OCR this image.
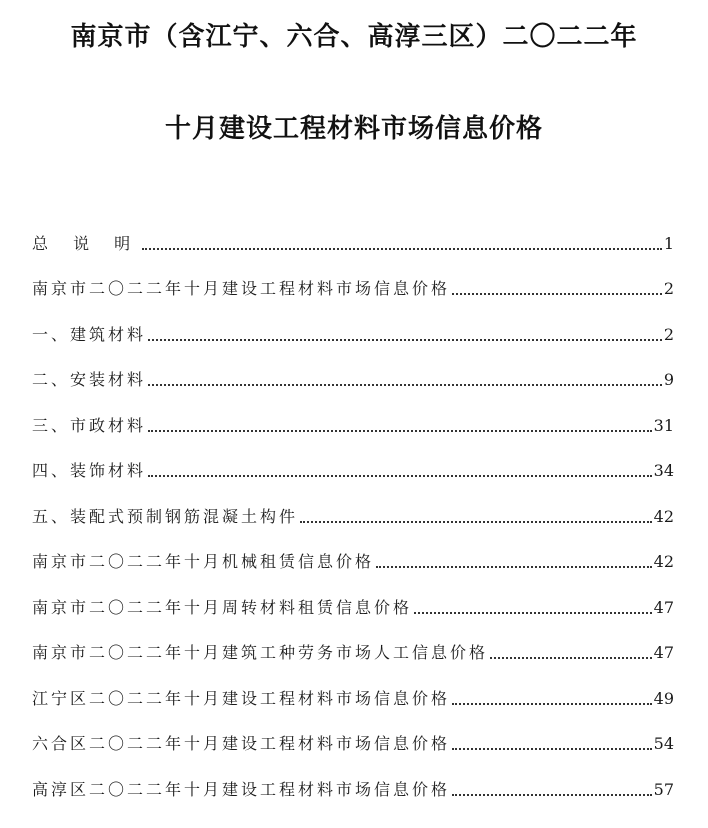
南京市（含江宁、六合、高淳三区）二〇二二年
十月建设工程材料市场信息价格
总 说 明	1
南京市二〇二二年十月建设工程材料市场信息价格	2
一、建筑材料	2
二、安装材料	9
三、市政材料	31
四、装饰材料	34
五、装配式预制钢筋混凝土构件	42
南京市二〇二二年十月机械租赁信息价格	42
南京市二〇二二年十月周转材料租赁信息价格	47
南京市二〇二二年十月建筑工种劳务市场人工信息价格	47
江宁区二〇二二年十月建设工程材料市场信息价格	49
六合区二〇二二年十月建设工程材料市场信息价格	54
高淳区二〇二二年十月建设工程材料市场信息价格	57
